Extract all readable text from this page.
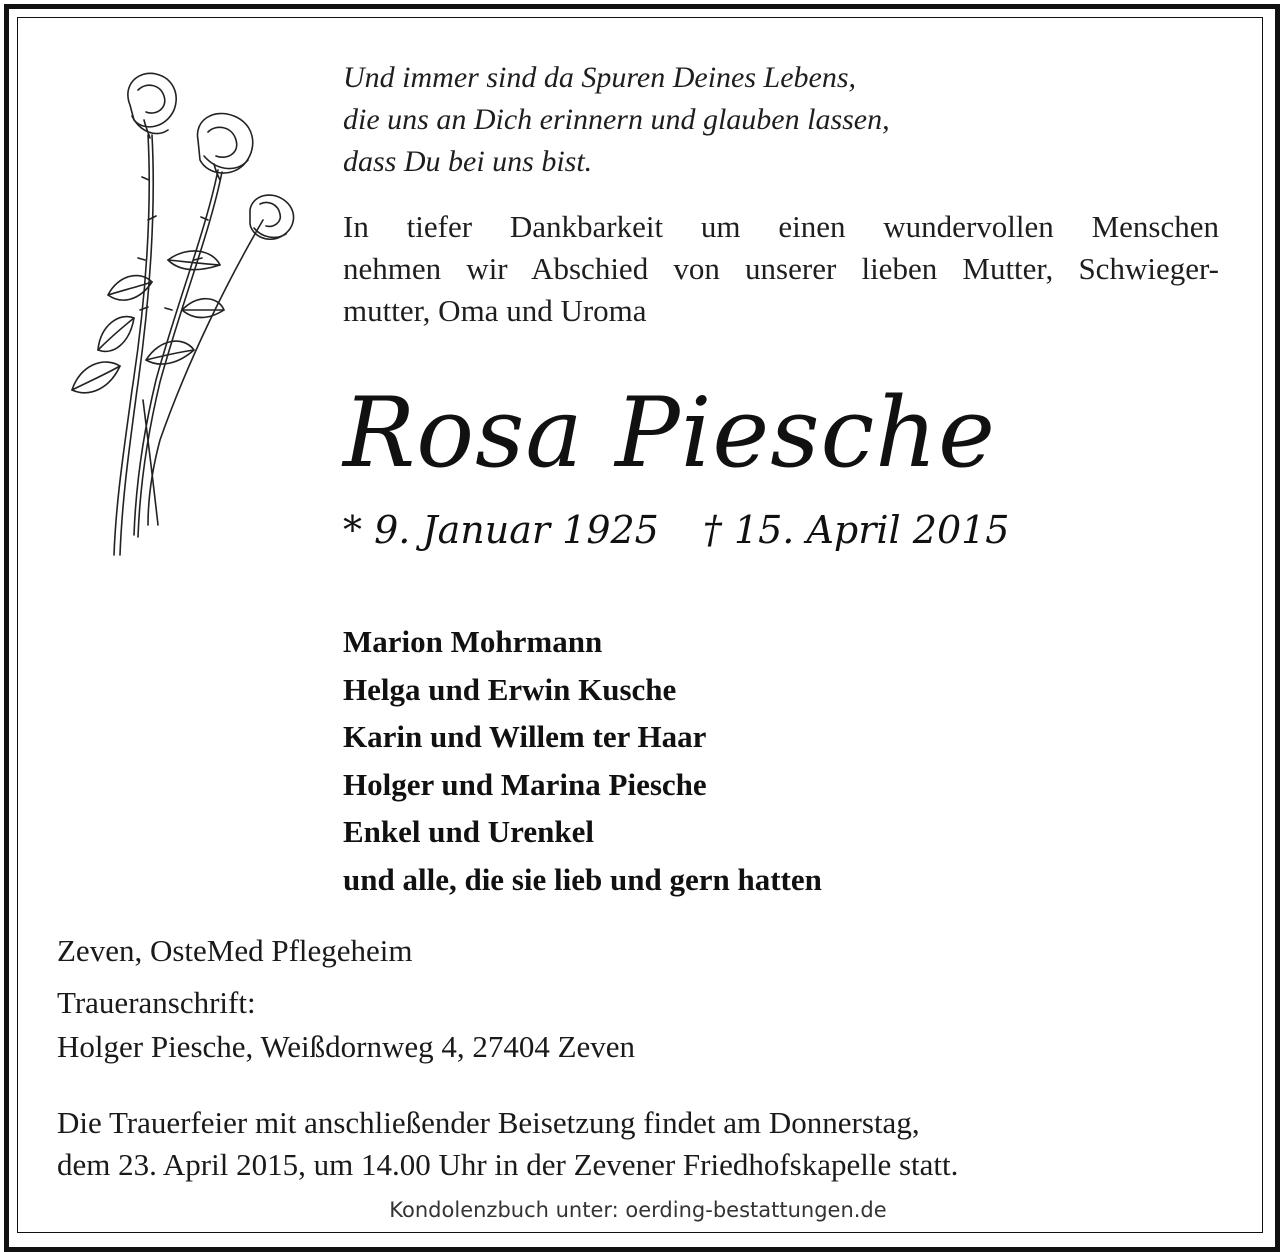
Und immer sind da Spuren Deines Lebens,
die uns an Dich erinnern und glauben lassen,
dass Du bei uns bist.
In tiefer Dankbarkeit um einen wundervollen Menschen
nehmen wir Abschied von unserer lieben Mutter, Schwieger-
mutter, Oma und Uroma
Rosa Piesche
* 9. Januar 1925 † 15. April 2015
Marion Mohrmann
Helga und Erwin Kusche
Karin und Willem ter Haar
Holger und Marina Piesche
Enkel und Urenkel
und alle, die sie lieb und gern hatten
Zeven, OsteMed Pflegeheim
Traueranschrift:
Holger Piesche, Weißdornweg 4, 27404 Zeven
Die Trauerfeier mit anschließender Beisetzung findet am Donnerstag,
dem 23. April 2015, um 14.00 Uhr in der Zevener Friedhofskapelle statt.
Kondolenzbuch unter: oerding-bestattungen.de
